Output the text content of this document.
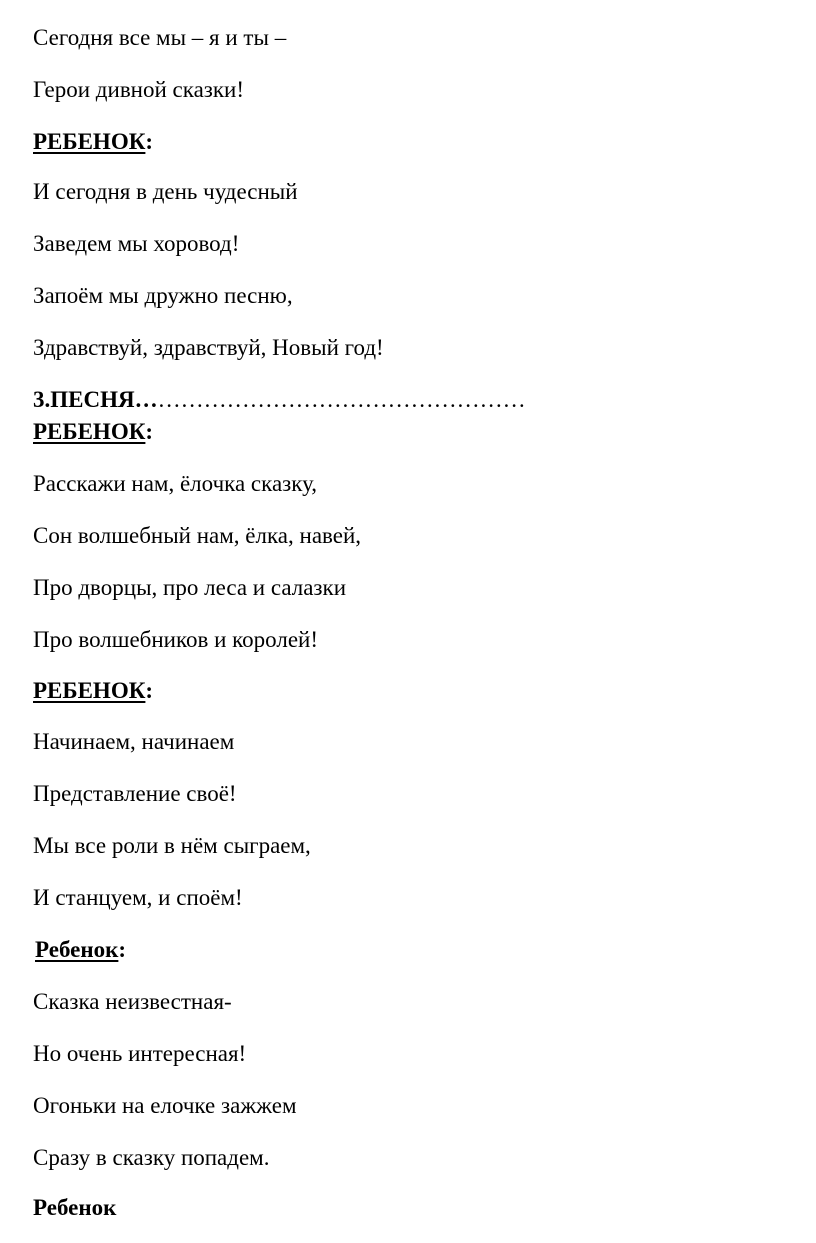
Сегодня все мы – я и ты –
Герои дивной сказки!
РЕБЕНОК:
И сегодня в день чудесный
Заведем мы хоровод!
Запоём мы дружно песню,
Здравствуй, здравствуй, Новый год!
3.ПЕСНЯ……………………………………………
РЕБЕНОК:
Расскажи нам, ёлочка сказку,
Сон волшебный нам, ёлка, навей,
Про дворцы, про леса и салазки
Про волшебников и королей!
РЕБЕНОК:
Начинаем, начинаем
Представление своё!
Мы все роли в нём сыграем,
И станцуем, и споём!
Ребенок:
Сказка неизвестная-
Но очень интересная!
Огоньки на елочке зажжем
Сразу в сказку попадем.
Ребенок
